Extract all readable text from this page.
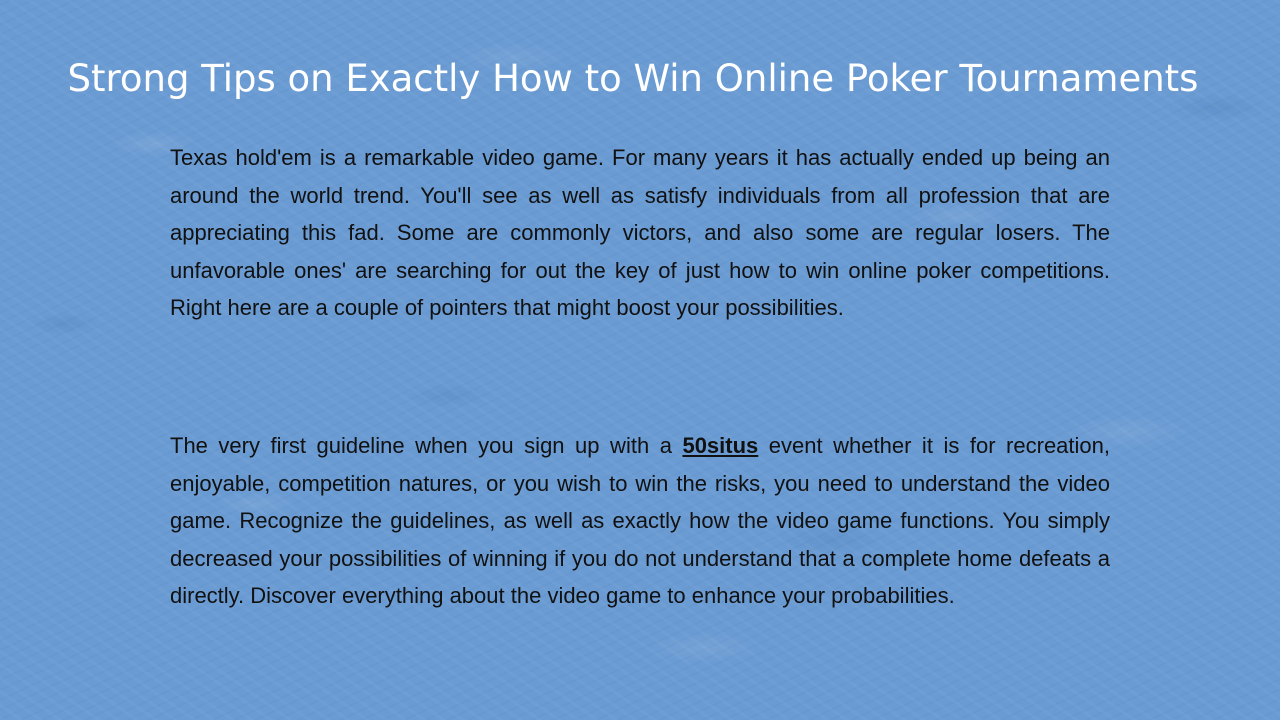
Strong Tips on Exactly How to Win Online Poker Tournaments

Texas hold'em is a remarkable video game. For many years it has actually ended up being an around the world trend. You'll see as well as satisfy individuals from all profession that are appreciating this fad. Some are commonly victors, and also some are regular losers. The unfavorable ones' are searching for out the key of just how to win online poker competitions. Right here are a couple of pointers that might boost your possibilities.

The very first guideline when you sign up with a 50situs event whether it is for recreation, enjoyable, competition natures, or you wish to win the risks, you need to understand the video game. Recognize the guidelines, as well as exactly how the video game functions. You simply decreased your possibilities of winning if you do not understand that a complete home defeats a directly. Discover everything about the video game to enhance your probabilities.
